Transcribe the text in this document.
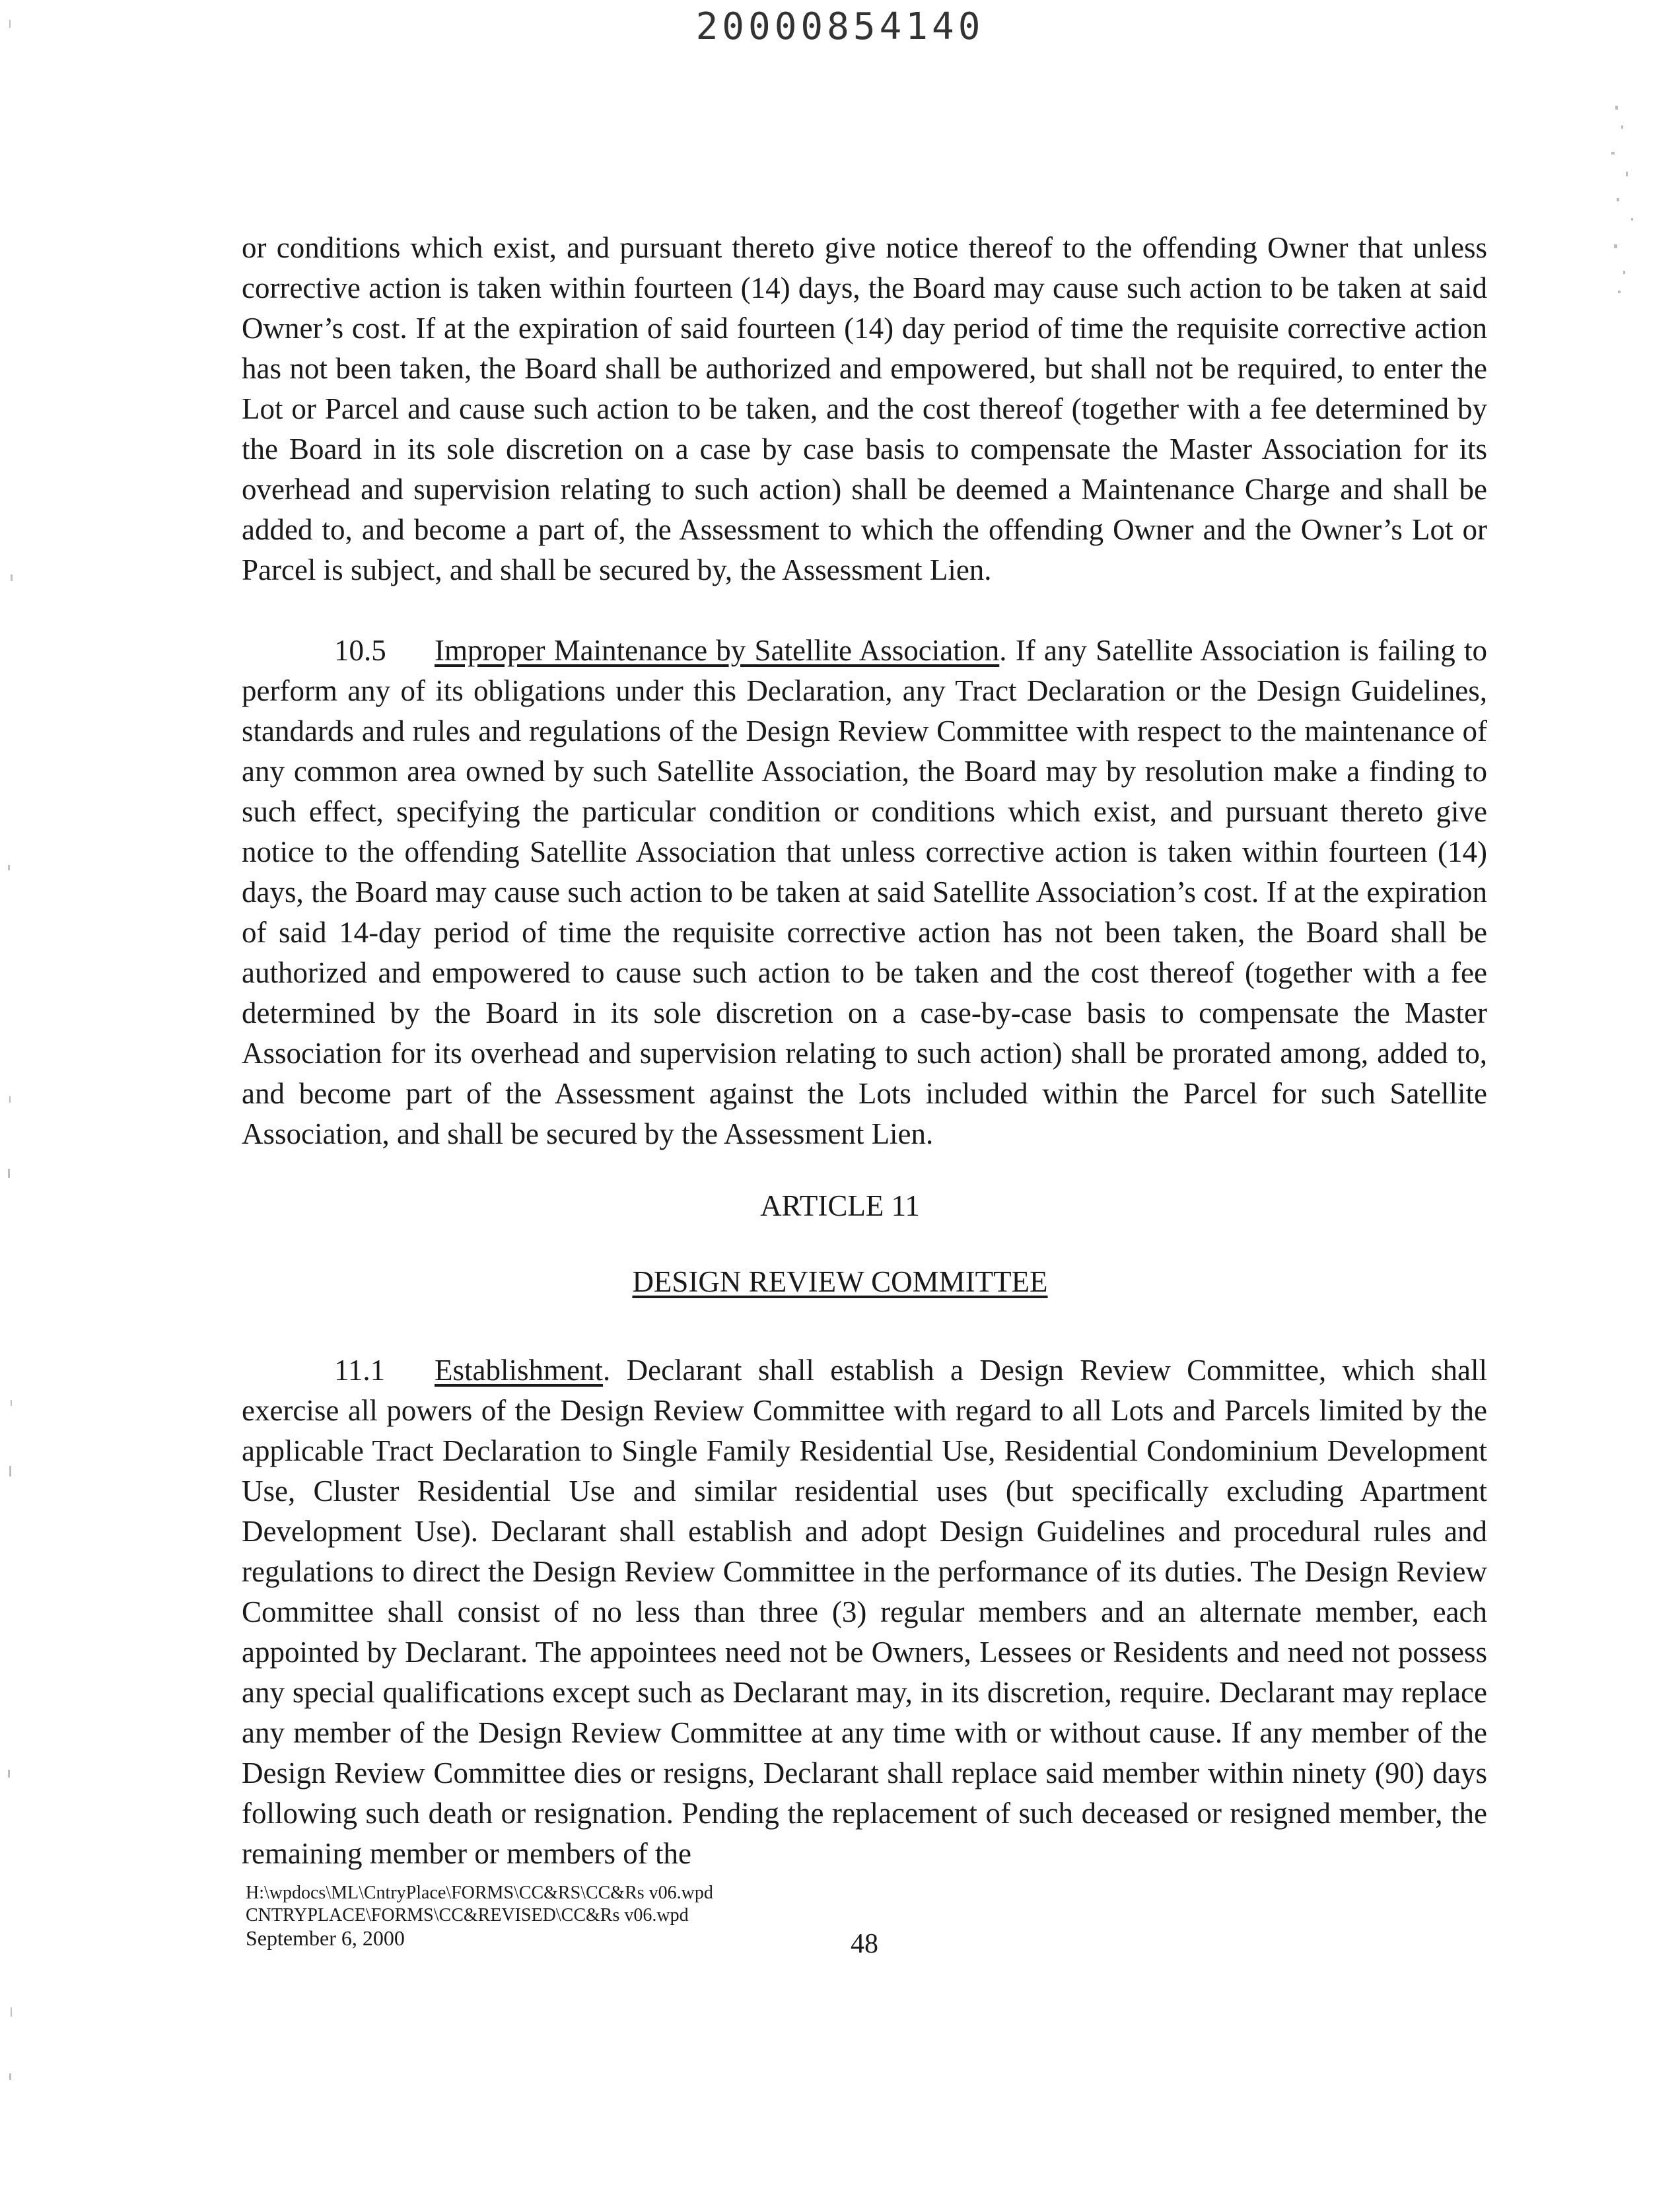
20000854140
or conditions which exist, and pursuant thereto give notice thereof to the offending Owner that unless corrective action is taken within fourteen (14) days, the Board may cause such action to be taken at said Owner’s cost. If at the expiration of said fourteen (14) day period of time the requisite corrective action has not been taken, the Board shall be authorized and empowered, but shall not be required, to enter the Lot or Parcel and cause such action to be taken, and the cost thereof (together with a fee determined by the Board in its sole discretion on a case by case basis to compensate the Master Association for its overhead and supervision relating to such action) shall be deemed a Maintenance Charge and shall be added to, and become a part of, the Assessment to which the offending Owner and the Owner’s Lot or Parcel is subject, and shall be secured by, the Assessment Lien.
10.5 Improper Maintenance by Satellite Association. If any Satellite Association is failing to perform any of its obligations under this Declaration, any Tract Declaration or the Design Guidelines, standards and rules and regulations of the Design Review Committee with respect to the maintenance of any common area owned by such Satellite Association, the Board may by resolution make a finding to such effect, specifying the particular condition or conditions which exist, and pursuant thereto give notice to the offending Satellite Association that unless corrective action is taken within fourteen (14) days, the Board may cause such action to be taken at said Satellite Association’s cost. If at the expiration of said 14-day period of time the requisite corrective action has not been taken, the Board shall be authorized and empowered to cause such action to be taken and the cost thereof (together with a fee determined by the Board in its sole discretion on a case-by-case basis to compensate the Master Association for its overhead and supervision relating to such action) shall be prorated among, added to, and become part of the Assessment against the Lots included within the Parcel for such Satellite Association, and shall be secured by the Assessment Lien.
ARTICLE 11
DESIGN REVIEW COMMITTEE
11.1 Establishment. Declarant shall establish a Design Review Committee, which shall exercise all powers of the Design Review Committee with regard to all Lots and Parcels limited by the applicable Tract Declaration to Single Family Residential Use, Residential Condominium Development Use, Cluster Residential Use and similar residential uses (but specifically excluding Apartment Development Use). Declarant shall establish and adopt Design Guidelines and procedural rules and regulations to direct the Design Review Committee in the performance of its duties. The Design Review Committee shall consist of no less than three (3) regular members and an alternate member, each appointed by Declarant. The appointees need not be Owners, Lessees or Residents and need not possess any special qualifications except such as Declarant may, in its discretion, require. Declarant may replace any member of the Design Review Committee at any time with or without cause. If any member of the Design Review Committee dies or resigns, Declarant shall replace said member within ninety (90) days following such death or resignation. Pending the replacement of such deceased or resigned member, the remaining member or members of the
H:\wpdocs\ML\CntryPlace\FORMS\CC&RS\CC&Rs v06.wpd
CNTRYPLACE\FORMS\CC&REVISED\CC&Rs v06.wpd
September 6, 2000	48
